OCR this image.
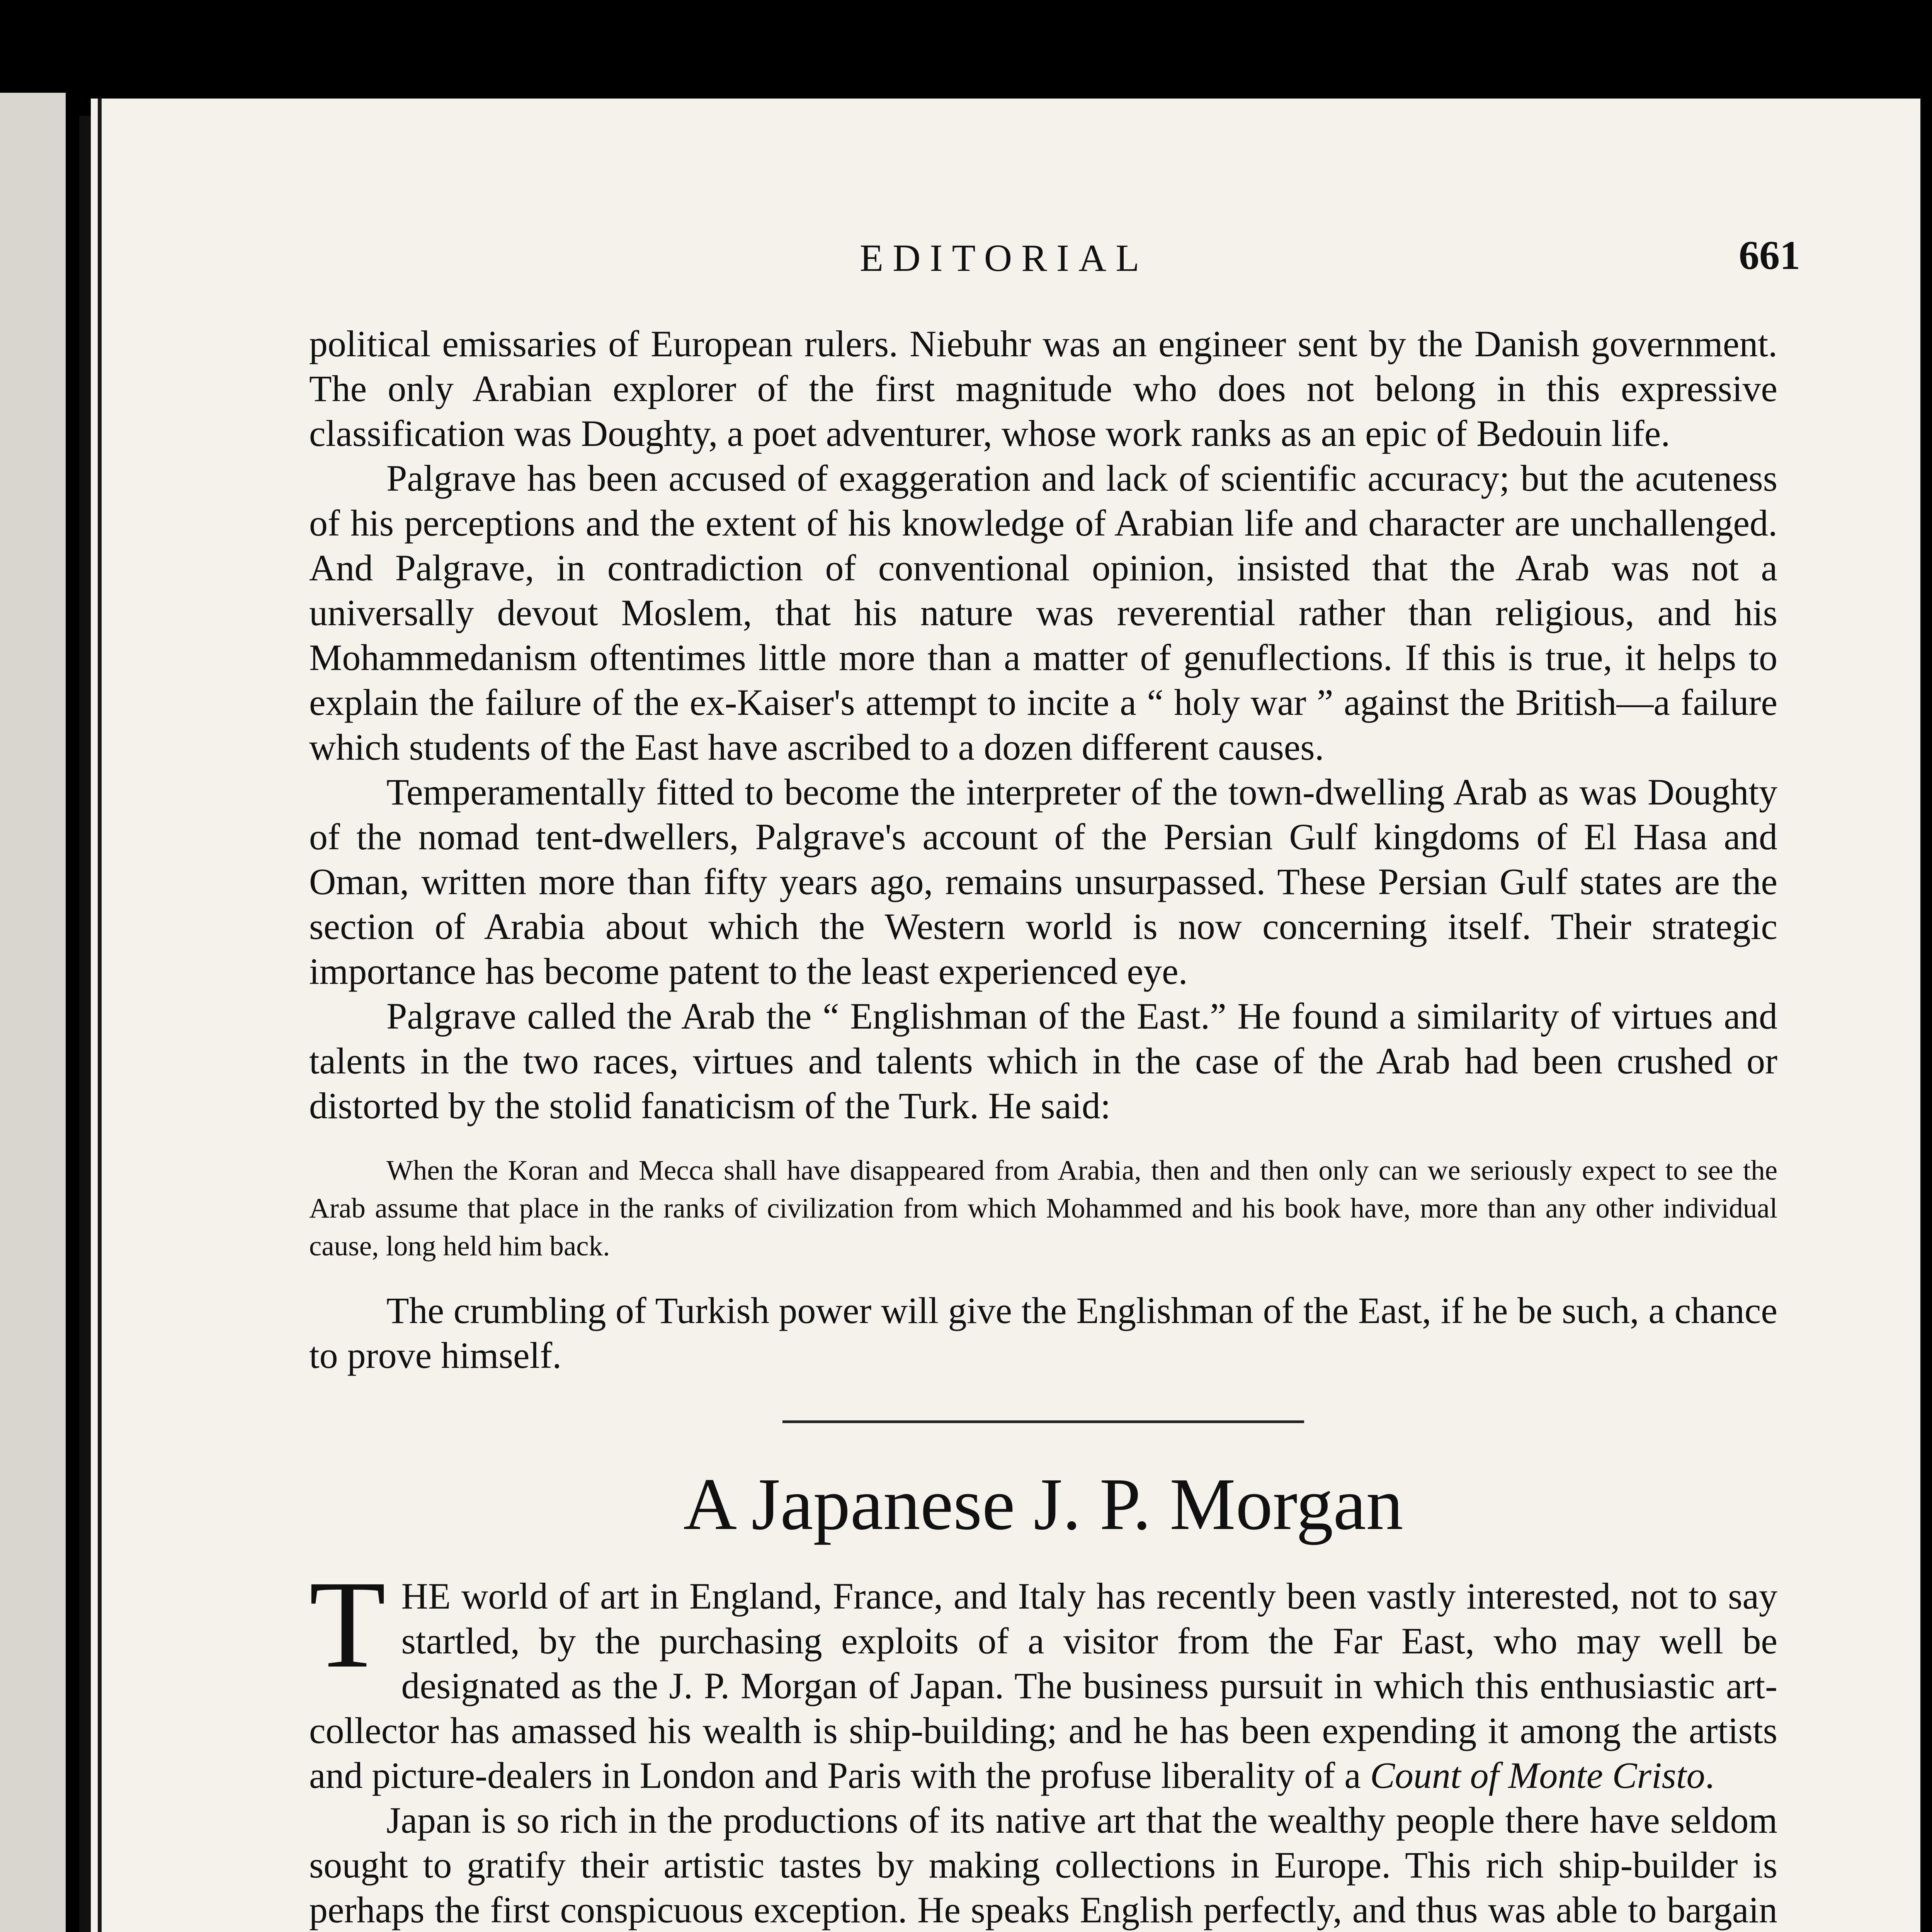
EDITORIAL	661

political emissaries of European rulers. Niebuhr was an engineer sent by the Danish government. The only Arabian explorer of the first magnitude who does not belong in this expressive classification was Doughty, a poet adventurer, whose work ranks as an epic of Bedouin life.

Palgrave has been accused of exaggeration and lack of scientific accuracy; but the acuteness of his perceptions and the extent of his knowledge of Arabian life and character are unchallenged. And Palgrave, in contradiction of conventional opinion, insisted that the Arab was not a universally devout Moslem, that his nature was reverential rather than religious, and his Mohammedanism oftentimes little more than a matter of genuflections. If this is true, it helps to explain the failure of the ex-Kaiser's attempt to incite a “ holy war ” against the British—a failure which students of the East have ascribed to a dozen different causes.

Temperamentally fitted to become the interpreter of the town-dwelling Arab as was Doughty of the nomad tent-dwellers, Palgrave's account of the Persian Gulf kingdoms of El Hasa and Oman, written more than fifty years ago, remains unsurpassed. These Persian Gulf states are the section of Arabia about which the Western world is now concerning itself. Their strategic importance has become patent to the least experienced eye.

Palgrave called the Arab the “ Englishman of the East.” He found a similarity of virtues and talents in the two races, virtues and talents which in the case of the Arab had been crushed or distorted by the stolid fanaticism of the Turk. He said:

When the Koran and Mecca shall have disappeared from Arabia, then and then only can we seriously expect to see the Arab assume that place in the ranks of civilization from which Mohammed and his book have, more than any other individual cause, long held him back.

The crumbling of Turkish power will give the Englishman of the East, if he be such, a chance to prove himself.

A Japanese J. P. Morgan

THE world of art in England, France, and Italy has recently been vastly interested, not to say startled, by the purchasing exploits of a visitor from the Far East, who may well be designated as the J. P. Morgan of Japan. The business pursuit in which this enthusiastic art-collector has amassed his wealth is ship-building; and he has been expending it among the artists and picture-dealers in London and Paris with the profuse liberality of a Count of Monte Cristo.

Japan is so rich in the productions of its native art that the wealthy people there have seldom sought to gratify their artistic tastes by making collections in Europe. This rich ship-builder is perhaps the first conspicuous exception. He speaks English perfectly, and thus was able to bargain
